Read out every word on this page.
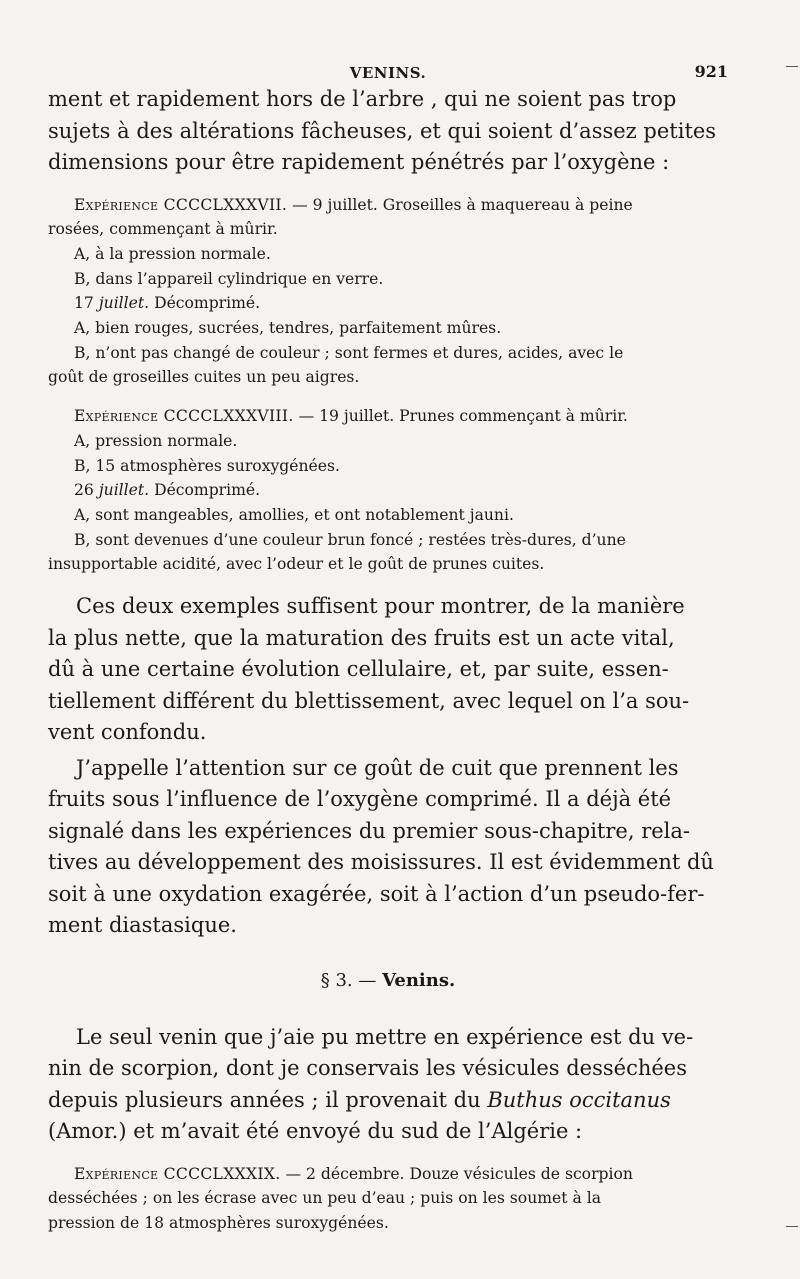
VENINS.	921

ment et rapidement hors de l’arbre , qui ne soient pas trop

sujets à des altérations fâcheuses, et qui soient d’assez petites

dimensions pour être rapidement pénétrés par l’oxygène :

Expérience CCCCLXXXVII. — 9 juillet. Groseilles à maquereau à peine

rosées, commençant à mûrir.

A, à la pression normale.

B, dans l’appareil cylindrique en verre.

17 juillet. Décomprimé.

A, bien rouges, sucrées, tendres, parfaitement mûres.

B, n’ont pas changé de couleur ; sont fermes et dures, acides, avec le

goût de groseilles cuites un peu aigres.

Expérience CCCCLXXXVIII. — 19 juillet. Prunes commençant à mûrir.

A, pression normale.

B, 15 atmosphères suroxygénées.

26 juillet. Décomprimé.

A, sont mangeables, amollies, et ont notablement jauni.

B, sont devenues d’une couleur brun foncé ; restées très-dures, d’une

insupportable acidité, avec l’odeur et le goût de prunes cuites.

Ces deux exemples suffisent pour montrer, de la manière

la plus nette, que la maturation des fruits est un acte vital,

dû à une certaine évolution cellulaire, et, par suite, essen-

tiellement différent du blettissement, avec lequel on l’a sou-

vent confondu.

J’appelle l’attention sur ce goût de cuit que prennent les

fruits sous l’influence de l’oxygène comprimé. Il a déjà été

signalé dans les expériences du premier sous-chapitre, rela-

tives au développement des moisissures. Il est évidemment dû

soit à une oxydation exagérée, soit à l’action d’un pseudo-fer-

ment diastasique.

§ 3. — Venins.

Le seul venin que j’aie pu mettre en expérience est du ve-

nin de scorpion, dont je conservais les vésicules desséchées

depuis plusieurs années ; il provenait du Buthus occitanus

(Amor.) et m’avait été envoyé du sud de l’Algérie :

Expérience CCCCLXXXIX. — 2 décembre. Douze vésicules de scorpion

desséchées ; on les écrase avec un peu d’eau ; puis on les soumet à la

pression de 18 atmosphères suroxygénées.
